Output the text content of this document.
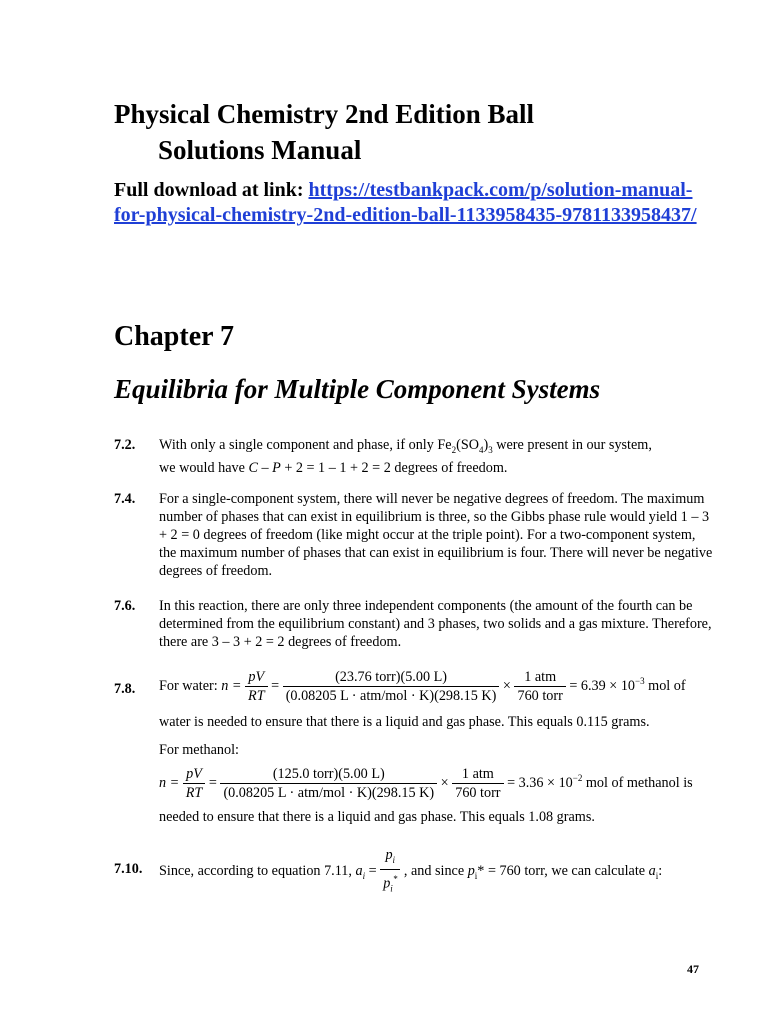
Physical Chemistry 2nd Edition Ball
Solutions Manual
Full download at link: https://testbankpack.com/p/solution-manual-for-physical-chemistry-2nd-edition-ball-1133958435-9781133958437/
Chapter 7
Equilibria for Multiple Component Systems
7.2. With only a single component and phase, if only $Fe_2(SO_4)_3$ were present in our system,

we would have C – P + 2 = 1 – 1 + 2 = 2 degrees of freedom.

7.4. For a single-component system, there will never be negative degrees of freedom. The maximum number of phases that can exist in equilibrium is three, so the Gibbs phase rule would yield 1 – 3 + 2 = 0 degrees of freedom (like might occur at the triple point). For a two-component system, the maximum number of phases that can exist in equilibrium is four. There will never be negative degrees of freedom.

7.6. In this reaction, there are only three independent components (the amount of the fourth can be determined from the equilibrium constant) and 3 phases, two solids and a gas mixture. Therefore, there are 3 – 3 + 2 = 2 degrees of freedom.

7.8. For water: $n = \frac{pV}{RT} = \frac{\text{(23.76 torr)(5.00 L)}}{\text{(0.08205 L · atm/mol · K)(298.15 K)}} \times \frac{\text{1 atm}}{\text{760 torr}} = 6.39 \times 10^{-3}$ mol of

water is needed to ensure that there is a liquid and gas phase. This equals 0.115 grams.

For methanol:

$n = \frac{pV}{RT} = \frac{\text{(125.0 torr)(5.00 L)}}{\text{(0.08205 L · atm/mol · K)(298.15 K)}} \times \frac{\text{1 atm}}{\text{760 torr}} = 3.36 \times 10^{-2}$ mol of methanol is

needed to ensure that there is a liquid and gas phase. This equals 1.08 grams.

7.10. Since, according to equation 7.11, $a_i = \frac{p_i}{p_i^*}$ , and since $p_i* = 760$ torr, we can calculate $a_i$:
47
